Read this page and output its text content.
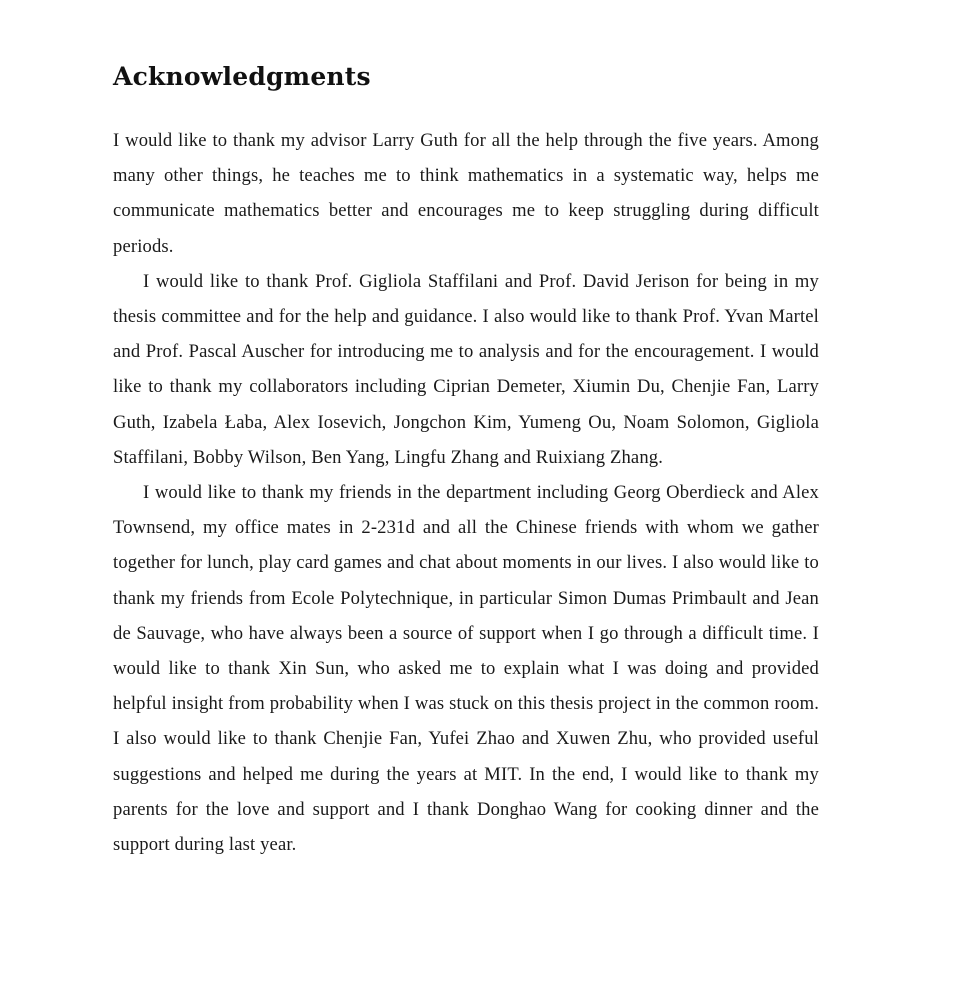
Acknowledgments

I would like to thank my advisor Larry Guth for all the help through the five years. Among many other things, he teaches me to think mathematics in a systematic way, helps me communicate mathematics better and encourages me to keep struggling during difficult periods.

I would like to thank Prof. Gigliola Staffilani and Prof. David Jerison for being in my thesis committee and for the help and guidance. I also would like to thank Prof. Yvan Martel and Prof. Pascal Auscher for introducing me to analysis and for the encouragement. I would like to thank my collaborators including Ciprian Demeter, Xiumin Du, Chenjie Fan, Larry Guth, Izabela Łaba, Alex Iosevich, Jongchon Kim, Yumeng Ou, Noam Solomon, Gigliola Staffilani, Bobby Wilson, Ben Yang, Lingfu Zhang and Ruixiang Zhang.

I would like to thank my friends in the department including Georg Oberdieck and Alex Townsend, my office mates in 2-231d and all the Chinese friends with whom we gather together for lunch, play card games and chat about moments in our lives. I also would like to thank my friends from Ecole Polytechnique, in particular Simon Dumas Primbault and Jean de Sauvage, who have always been a source of support when I go through a difficult time. I would like to thank Xin Sun, who asked me to explain what I was doing and provided helpful insight from probability when I was stuck on this thesis project in the common room. I also would like to thank Chenjie Fan, Yufei Zhao and Xuwen Zhu, who provided useful suggestions and helped me during the years at MIT. In the end, I would like to thank my parents for the love and support and I thank Donghao Wang for cooking dinner and the support during last year.
